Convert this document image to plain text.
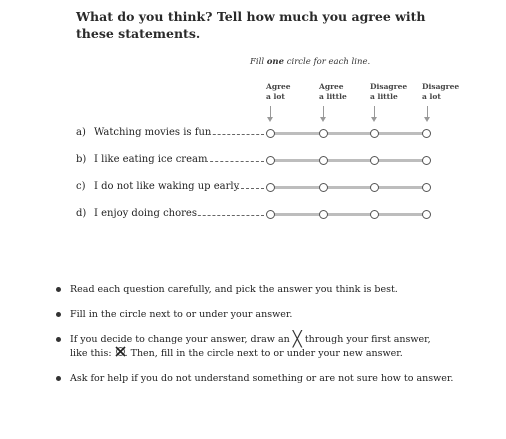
What do you think? Tell how much you agree with these statements.
Fill one circle for each line.
Agree
a lot
Agree
a little
Disagree
a little
Disagree
a lot
a) Watching movies is fun
b) I like eating ice cream
c) I do not like waking up early
d) I enjoy doing chores
Read each question carefully, and pick the answer you think is best.
Fill in the circle next to or under your answer.
If you decide to change your answer, draw an ╳ through your first answer,
like this: . Then, fill in the circle next to or under your new answer.
Ask for help if you do not understand something or are not sure how to answer.
